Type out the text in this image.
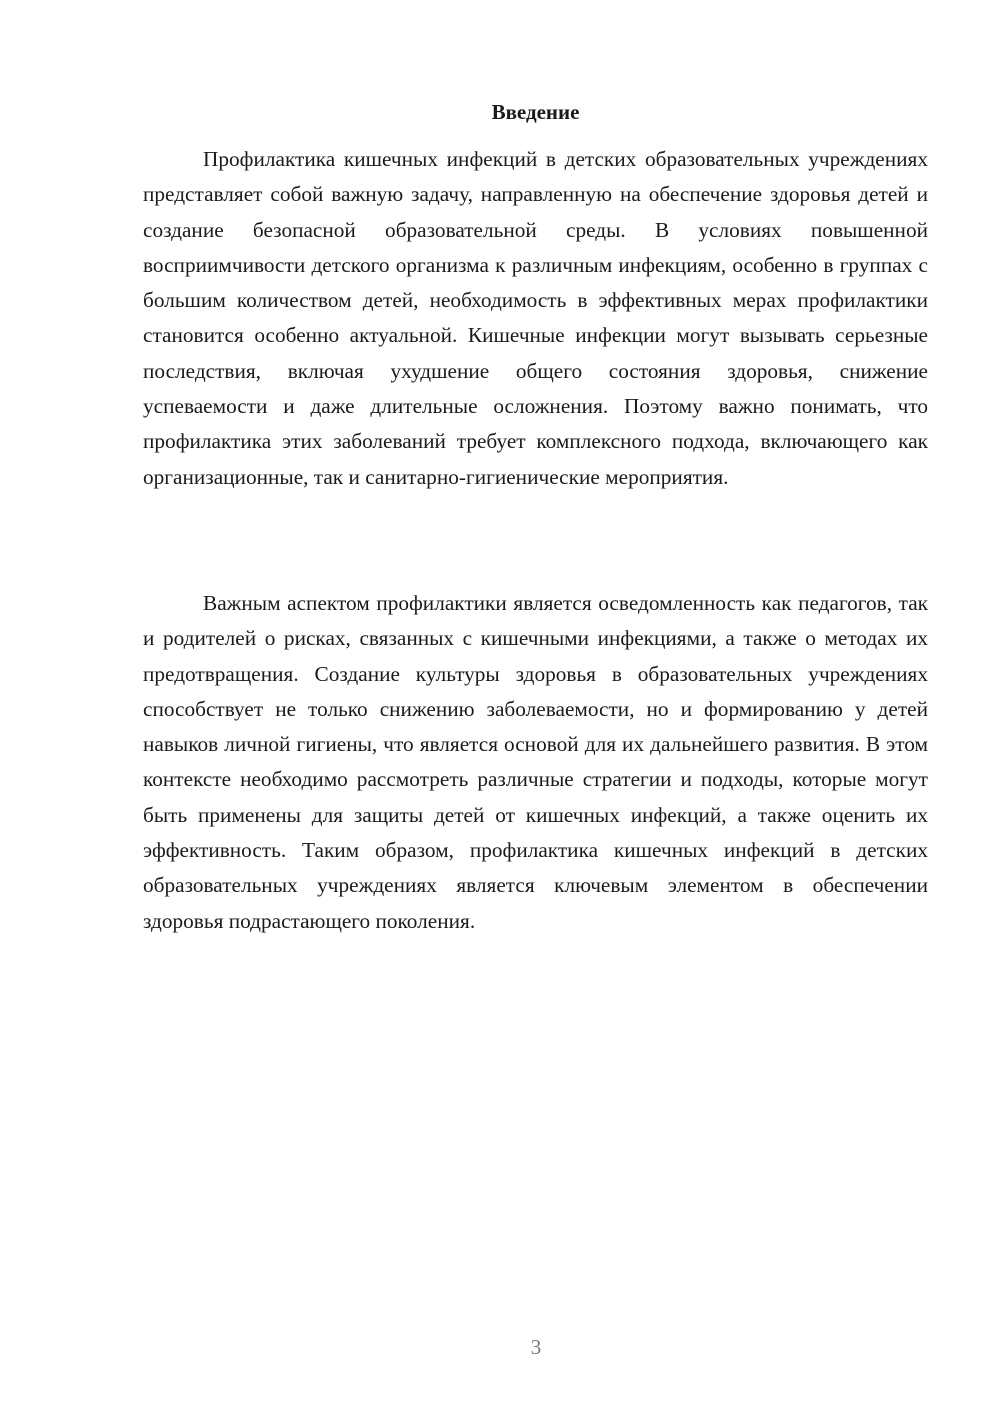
Введение

Профилактика кишечных инфекций в детских образовательных учреждениях представляет собой важную задачу, направленную на обеспечение здоровья детей и создание безопасной образовательной среды. В условиях повышенной восприимчивости детского организма к различным инфекциям, особенно в группах с большим количеством детей, необходимость в эффективных мерах профилактики становится особенно актуальной. Кишечные инфекции могут вызывать серьезные последствия, включая ухудшение общего состояния здоровья, снижение успеваемости и даже длительные осложнения. Поэтому важно понимать, что профилактика этих заболеваний требует комплексного подхода, включающего как организационные, так и санитарно-гигиенические мероприятия.

Важным аспектом профилактики является осведомленность как педагогов, так и родителей о рисках, связанных с кишечными инфекциями, а также о методах их предотвращения. Создание культуры здоровья в образовательных учреждениях способствует не только снижению заболеваемости, но и формированию у детей навыков личной гигиены, что является основой для их дальнейшего развития. В этом контексте необходимо рассмотреть различные стратегии и подходы, которые могут быть применены для защиты детей от кишечных инфекций, а также оценить их эффективность. Таким образом, профилактика кишечных инфекций в детских образовательных учреждениях является ключевым элементом в обеспечении здоровья подрастающего поколения.

3
